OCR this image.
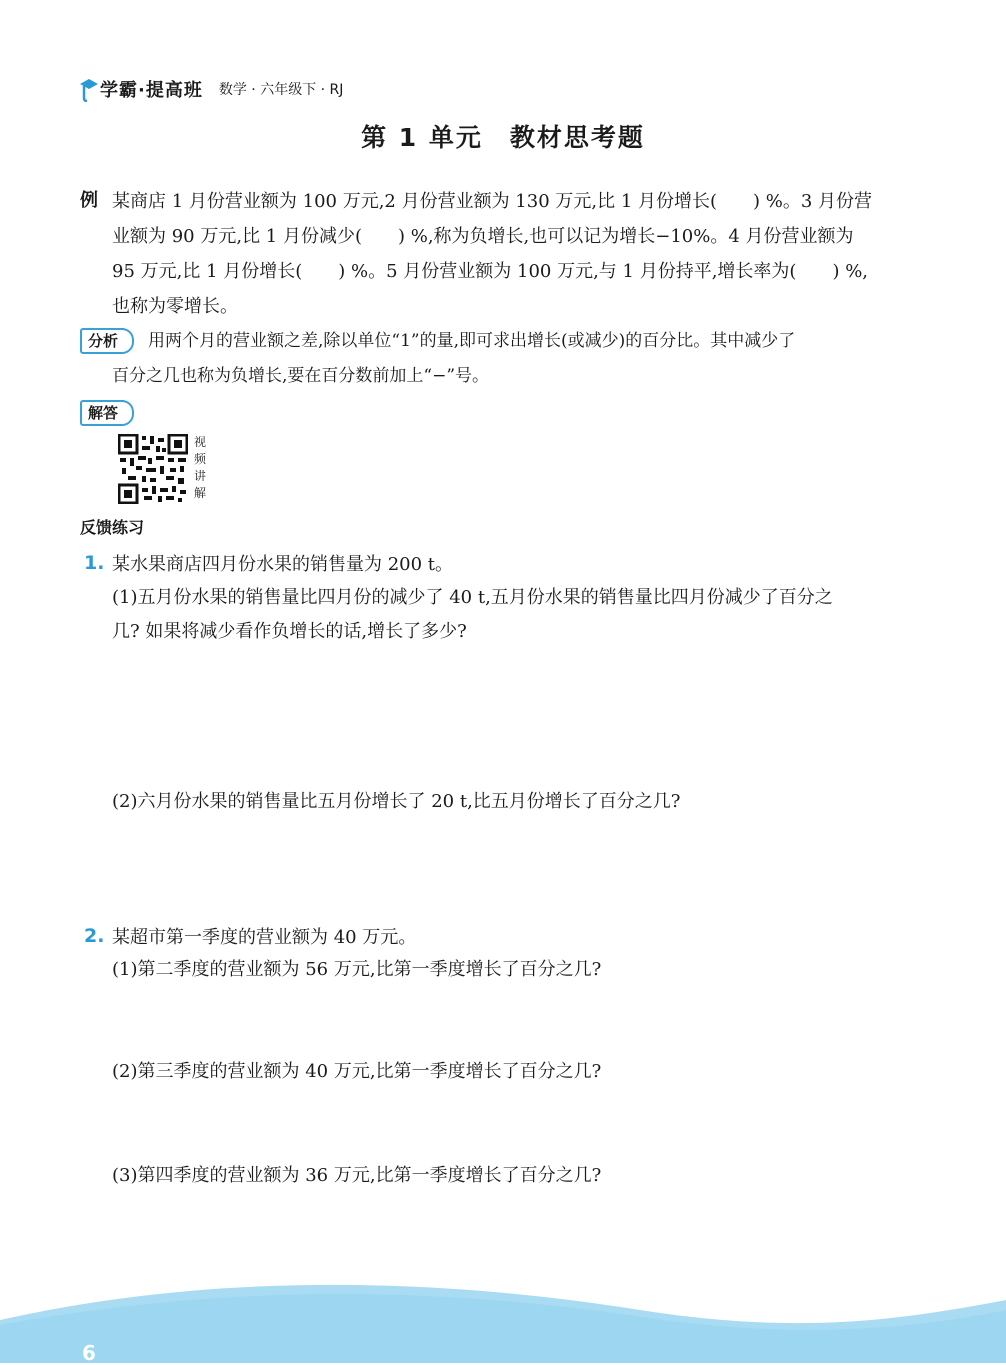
学霸·提高班 数学 · 六年级下 · RJ
第 1 单元　教材思考题
例 某商店 1 月份营业额为 100 万元,2 月份营业额为 130 万元,比 1 月份增长(　　) %。3 月份营
业额为 90 万元,比 1 月份减少(　　) %,称为负增长,也可以记为增长−10%。4 月份营业额为
95 万元,比 1 月份增长(　　) %。5 月份营业额为 100 万元,与 1 月份持平,增长率为(　　) %,
也称为零增长。
分析	用两个月的营业额之差,除以单位“1”的量,即可求出增长(或减少)的百分比。其中减少了
百分之几也称为负增长,要在百分数前加上“−”号。
解答
视
频
讲
解
反馈练习
1. 某水果商店四月份水果的销售量为 200 t。
(1)五月份水果的销售量比四月份的减少了 40 t,五月份水果的销售量比四月份减少了百分之
几? 如果将减少看作负增长的话,增长了多少?
(2)六月份水果的销售量比五月份增长了 20 t,比五月份增长了百分之几?
2. 某超市第一季度的营业额为 40 万元。
(1)第二季度的营业额为 56 万元,比第一季度增长了百分之几?
(2)第三季度的营业额为 40 万元,比第一季度增长了百分之几?
(3)第四季度的营业额为 36 万元,比第一季度增长了百分之几?
6
